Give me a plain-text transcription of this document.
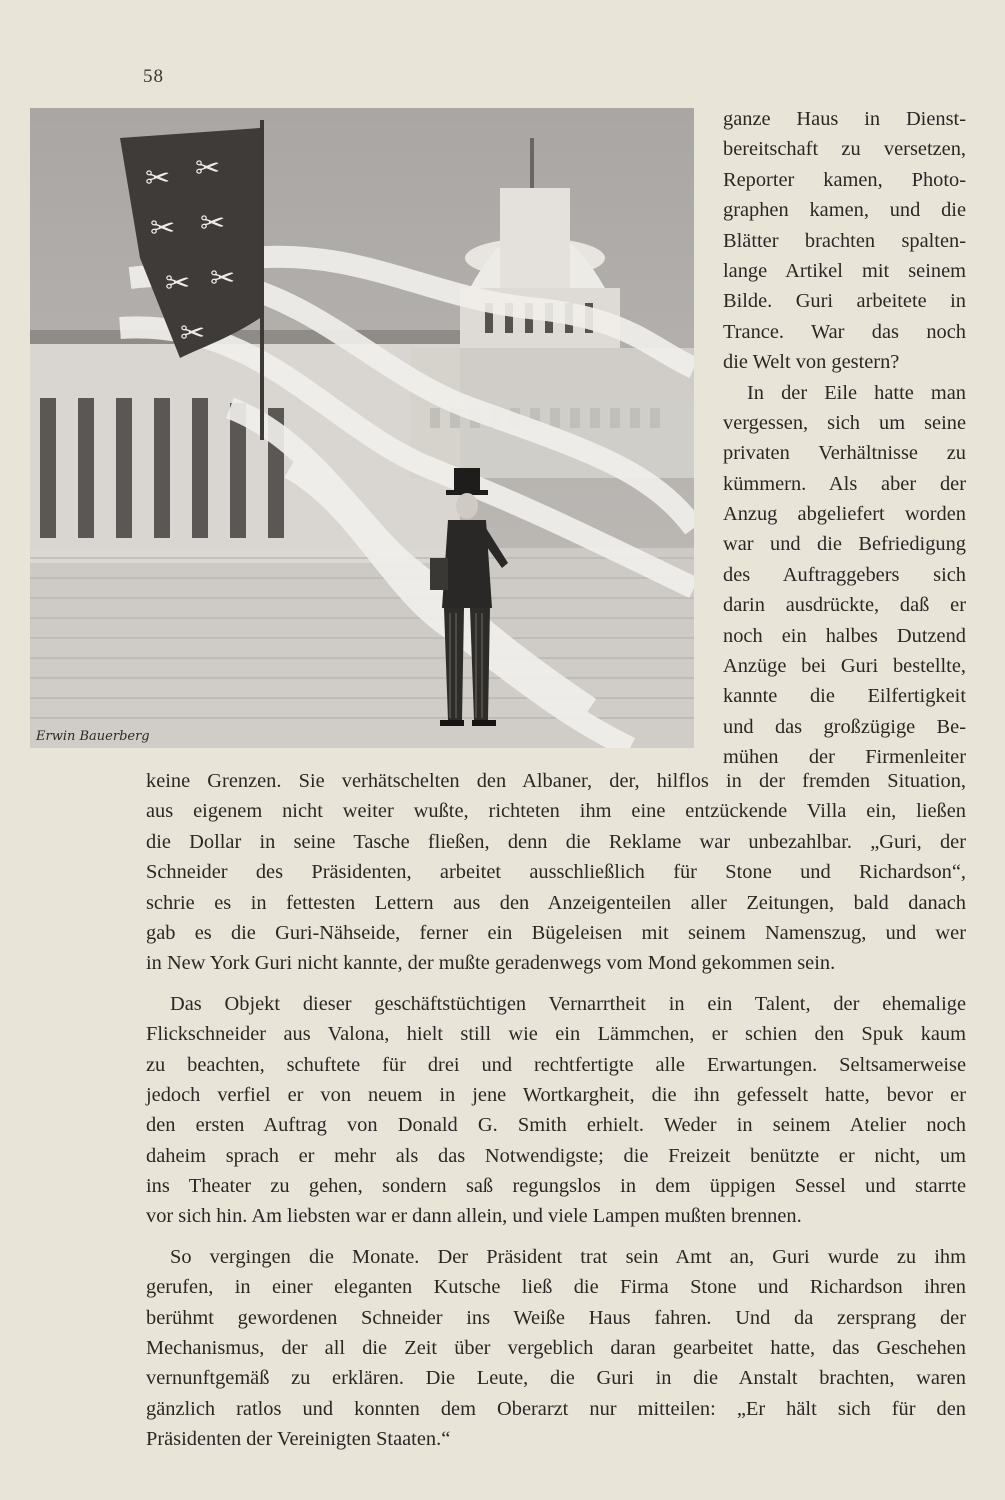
58
✂ ✂
✂ ✂
✂ ✂
✂
Erwin Bauerberg
ganze Haus in Dienst-
bereitschaft zu versetzen,
Reporter kamen, Photo-
graphen kamen, und die
Blätter brachten spalten-
lange Artikel mit seinem
Bilde. Guri arbeitete in
Trance. War das noch
die Welt von gestern?
In der Eile hatte man
vergessen, sich um seine
privaten Verhältnisse zu
kümmern. Als aber der
Anzug abgeliefert worden
war und die Befriedigung
des Auftraggebers sich
darin ausdrückte, daß er
noch ein halbes Dutzend
Anzüge bei Guri bestellte,
kannte die Eilfertigkeit
und das großzügige Be-
mühen der Firmenleiter
keine Grenzen. Sie verhätschelten den Albaner, der, hilflos in der fremden Situation,
aus eigenem nicht weiter wußte, richteten ihm eine entzückende Villa ein, ließen
die Dollar in seine Tasche fließen, denn die Reklame war unbezahlbar. „Guri, der
Schneider des Präsidenten, arbeitet ausschließlich für Stone und Richardson“,
schrie es in fettesten Lettern aus den Anzeigenteilen aller Zeitungen, bald danach
gab es die Guri-Nähseide, ferner ein Bügeleisen mit seinem Namenszug, und wer
in New York Guri nicht kannte, der mußte geradenwegs vom Mond gekommen sein.
Das Objekt dieser geschäftstüchtigen Vernarrtheit in ein Talent, der ehemalige
Flickschneider aus Valona, hielt still wie ein Lämmchen, er schien den Spuk kaum
zu beachten, schuftete für drei und rechtfertigte alle Erwartungen. Seltsamerweise
jedoch verfiel er von neuem in jene Wortkargheit, die ihn gefesselt hatte, bevor er
den ersten Auftrag von Donald G. Smith erhielt. Weder in seinem Atelier noch
daheim sprach er mehr als das Notwendigste; die Freizeit benützte er nicht, um
ins Theater zu gehen, sondern saß regungslos in dem üppigen Sessel und starrte
vor sich hin. Am liebsten war er dann allein, und viele Lampen mußten brennen.
So vergingen die Monate. Der Präsident trat sein Amt an, Guri wurde zu ihm
gerufen, in einer eleganten Kutsche ließ die Firma Stone und Richardson ihren
berühmt gewordenen Schneider ins Weiße Haus fahren. Und da zersprang der
Mechanismus, der all die Zeit über vergeblich daran gearbeitet hatte, das Geschehen
vernunftgemäß zu erklären. Die Leute, die Guri in die Anstalt brachten, waren
gänzlich ratlos und konnten dem Oberarzt nur mitteilen: „Er hält sich für den
Präsidenten der Vereinigten Staaten.“
